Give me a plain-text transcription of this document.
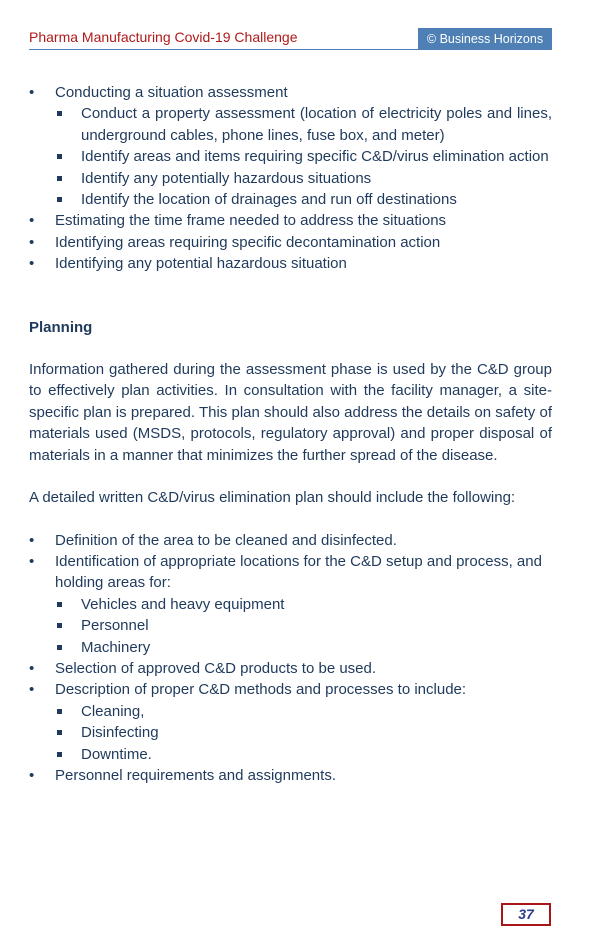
Pharma Manufacturing Covid-19 Challenge	© Business Horizons
• Conducting a situation assessment
Conduct a property assessment (location of electricity poles and lines, underground cables, phone lines, fuse box, and meter)
Identify areas and items requiring specific C&D/virus elimination action
Identify any potentially hazardous situations
Identify the location of drainages and run off destinations
• Estimating the time frame needed to address the situations
• Identifying areas requiring specific decontamination action
• Identifying any potential hazardous situation

Planning

Information gathered during the assessment phase is used by the C&D group to effectively plan activities. In consultation with the facility manager, a site-specific plan is prepared. This plan should also address the details on safety of materials used (MSDS, protocols, regulatory approval) and proper disposal of materials in a manner that minimizes the further spread of the disease.

A detailed written C&D/virus elimination plan should include the following:

• Definition of the area to be cleaned and disinfected.
• Identification of appropriate locations for the C&D setup and process, and holding areas for:
Vehicles and heavy equipment
Personnel
Machinery
• Selection of approved C&D products to be used.
• Description of proper C&D methods and processes to include:
Cleaning,
Disinfecting
Downtime.
• Personnel requirements and assignments.
37
